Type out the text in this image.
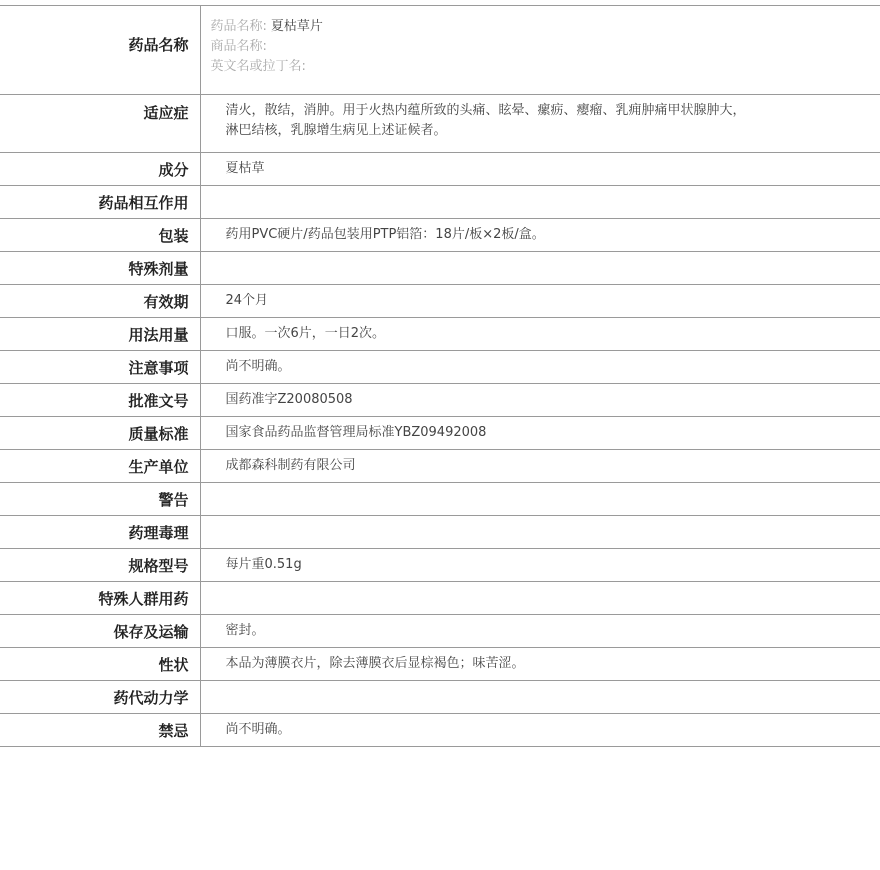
药品名称	药品名称: 夏枯草片
商品名称:
英文名或拉丁名:

适应症	清火，散结，消肿。用于火热内蕴所致的头痛、眩晕、瘰疬、瘿瘤、乳痈肿痛甲状腺肿大，
淋巴结核，乳腺增生病见上述证候者。

成分	夏枯草
药品相互作用	
包装	药用PVC硬片/药品包装用PTP铝箔：18片/板×2板/盒。
特殊剂量	
有效期	24个月
用法用量	口服。一次6片，一日2次。
注意事项	尚不明确。
批准文号	国药准字Z20080508
质量标准	国家食品药品监督管理局标准YBZ09492008
生产单位	成都森科制药有限公司
警告	
药理毒理	
规格型号	每片重0.51g
特殊人群用药	
保存及运输	密封。
性状	本品为薄膜衣片，除去薄膜衣后显棕褐色；味苦涩。
药代动力学	
禁忌	尚不明确。
